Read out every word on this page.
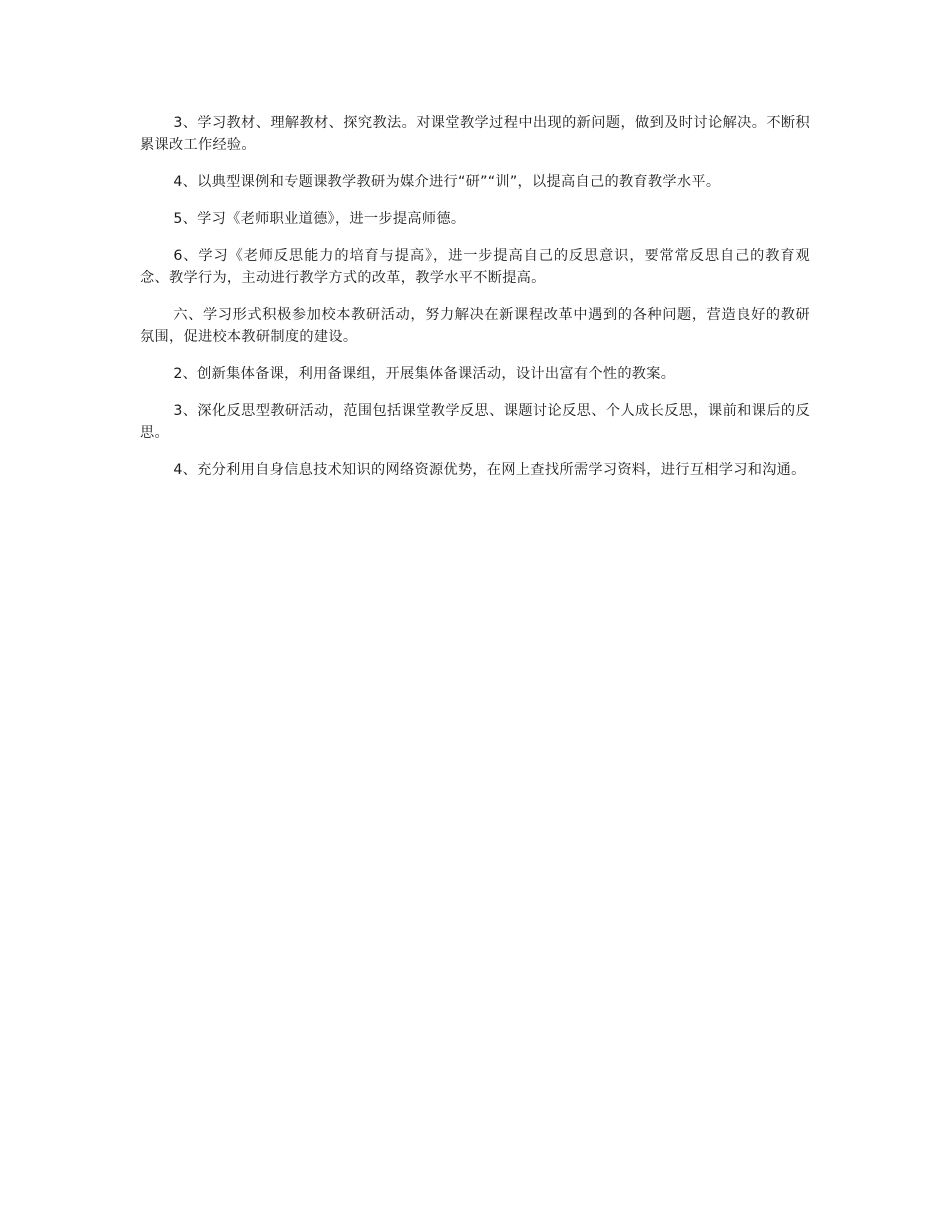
3、学习教材、理解教材、探究教法。对课堂教学过程中出现的新问题，做到及时讨论解决。不断积累课改工作经验。

4、以典型课例和专题课教学教研为媒介进行“研”“训”，以提高自己的教育教学水平。

5、学习《老师职业道德》，进一步提高师德。

6、学习《老师反思能力的培育与提高》，进一步提高自己的反思意识，要常常反思自己的教育观念、教学行为，主动进行教学方式的改革，教学水平不断提高。

六、学习形式积极参加校本教研活动，努力解决在新课程改革中遇到的各种问题，营造良好的教研氛围，促进校本教研制度的建设。

2、创新集体备课，利用备课组，开展集体备课活动，设计出富有个性的教案。

3、深化反思型教研活动，范围包括课堂教学反思、课题讨论反思、个人成长反思，课前和课后的反思。

4、充分利用自身信息技术知识的网络资源优势，在网上查找所需学习资料，进行互相学习和沟通。
